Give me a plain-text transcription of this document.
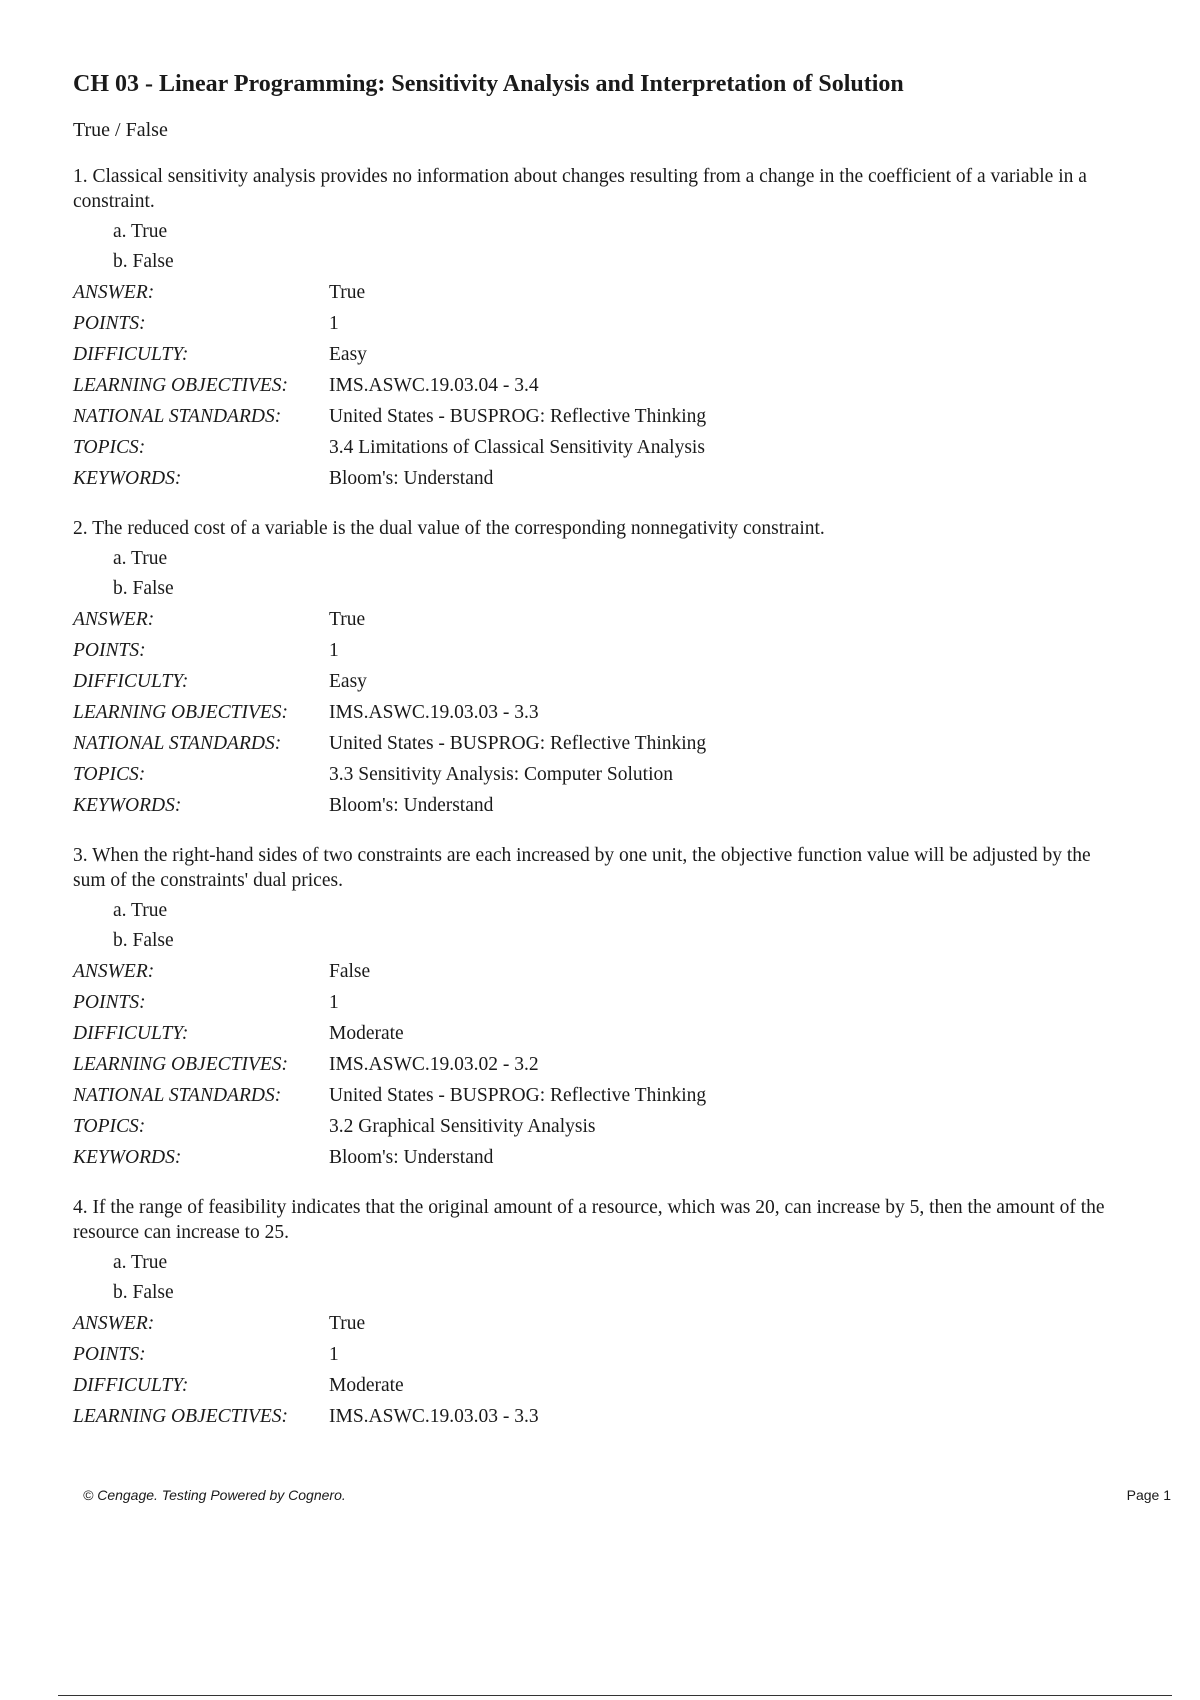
CH 03 - Linear Programming: Sensitivity Analysis and Interpretation of Solution
True / False

1. Classical sensitivity analysis provides no information about changes resulting from a change in the coefficient of a variable in a constraint.

a. True
b. False
ANSWER:	True
POINTS:	1
DIFFICULTY:	Easy
LEARNING OBJECTIVES:	IMS.ASWC.19.03.04 - 3.4
NATIONAL STANDARDS:	United States - BUSPROG: Reflective Thinking
TOPICS:	3.4 Limitations of Classical Sensitivity Analysis
KEYWORDS:	Bloom's: Understand

2. The reduced cost of a variable is the dual value of the corresponding nonnegativity constraint.

a. True
b. False
ANSWER:	True
POINTS:	1
DIFFICULTY:	Easy
LEARNING OBJECTIVES:	IMS.ASWC.19.03.03 - 3.3
NATIONAL STANDARDS:	United States - BUSPROG: Reflective Thinking
TOPICS:	3.3 Sensitivity Analysis: Computer Solution
KEYWORDS:	Bloom's: Understand

3. When the right-hand sides of two constraints are each increased by one unit, the objective function value will be adjusted by the sum of the constraints' dual prices.

a. True
b. False
ANSWER:	False
POINTS:	1
DIFFICULTY:	Moderate
LEARNING OBJECTIVES:	IMS.ASWC.19.03.02 - 3.2
NATIONAL STANDARDS:	United States - BUSPROG: Reflective Thinking
TOPICS:	3.2 Graphical Sensitivity Analysis
KEYWORDS:	Bloom's: Understand

4. If the range of feasibility indicates that the original amount of a resource, which was 20, can increase by 5, then the amount of the resource can increase to 25.

a. True
b. False
ANSWER:	True
POINTS:	1
DIFFICULTY:	Moderate
LEARNING OBJECTIVES:	IMS.ASWC.19.03.03 - 3.3
© Cengage. Testing Powered by Cognero.	Page 1
